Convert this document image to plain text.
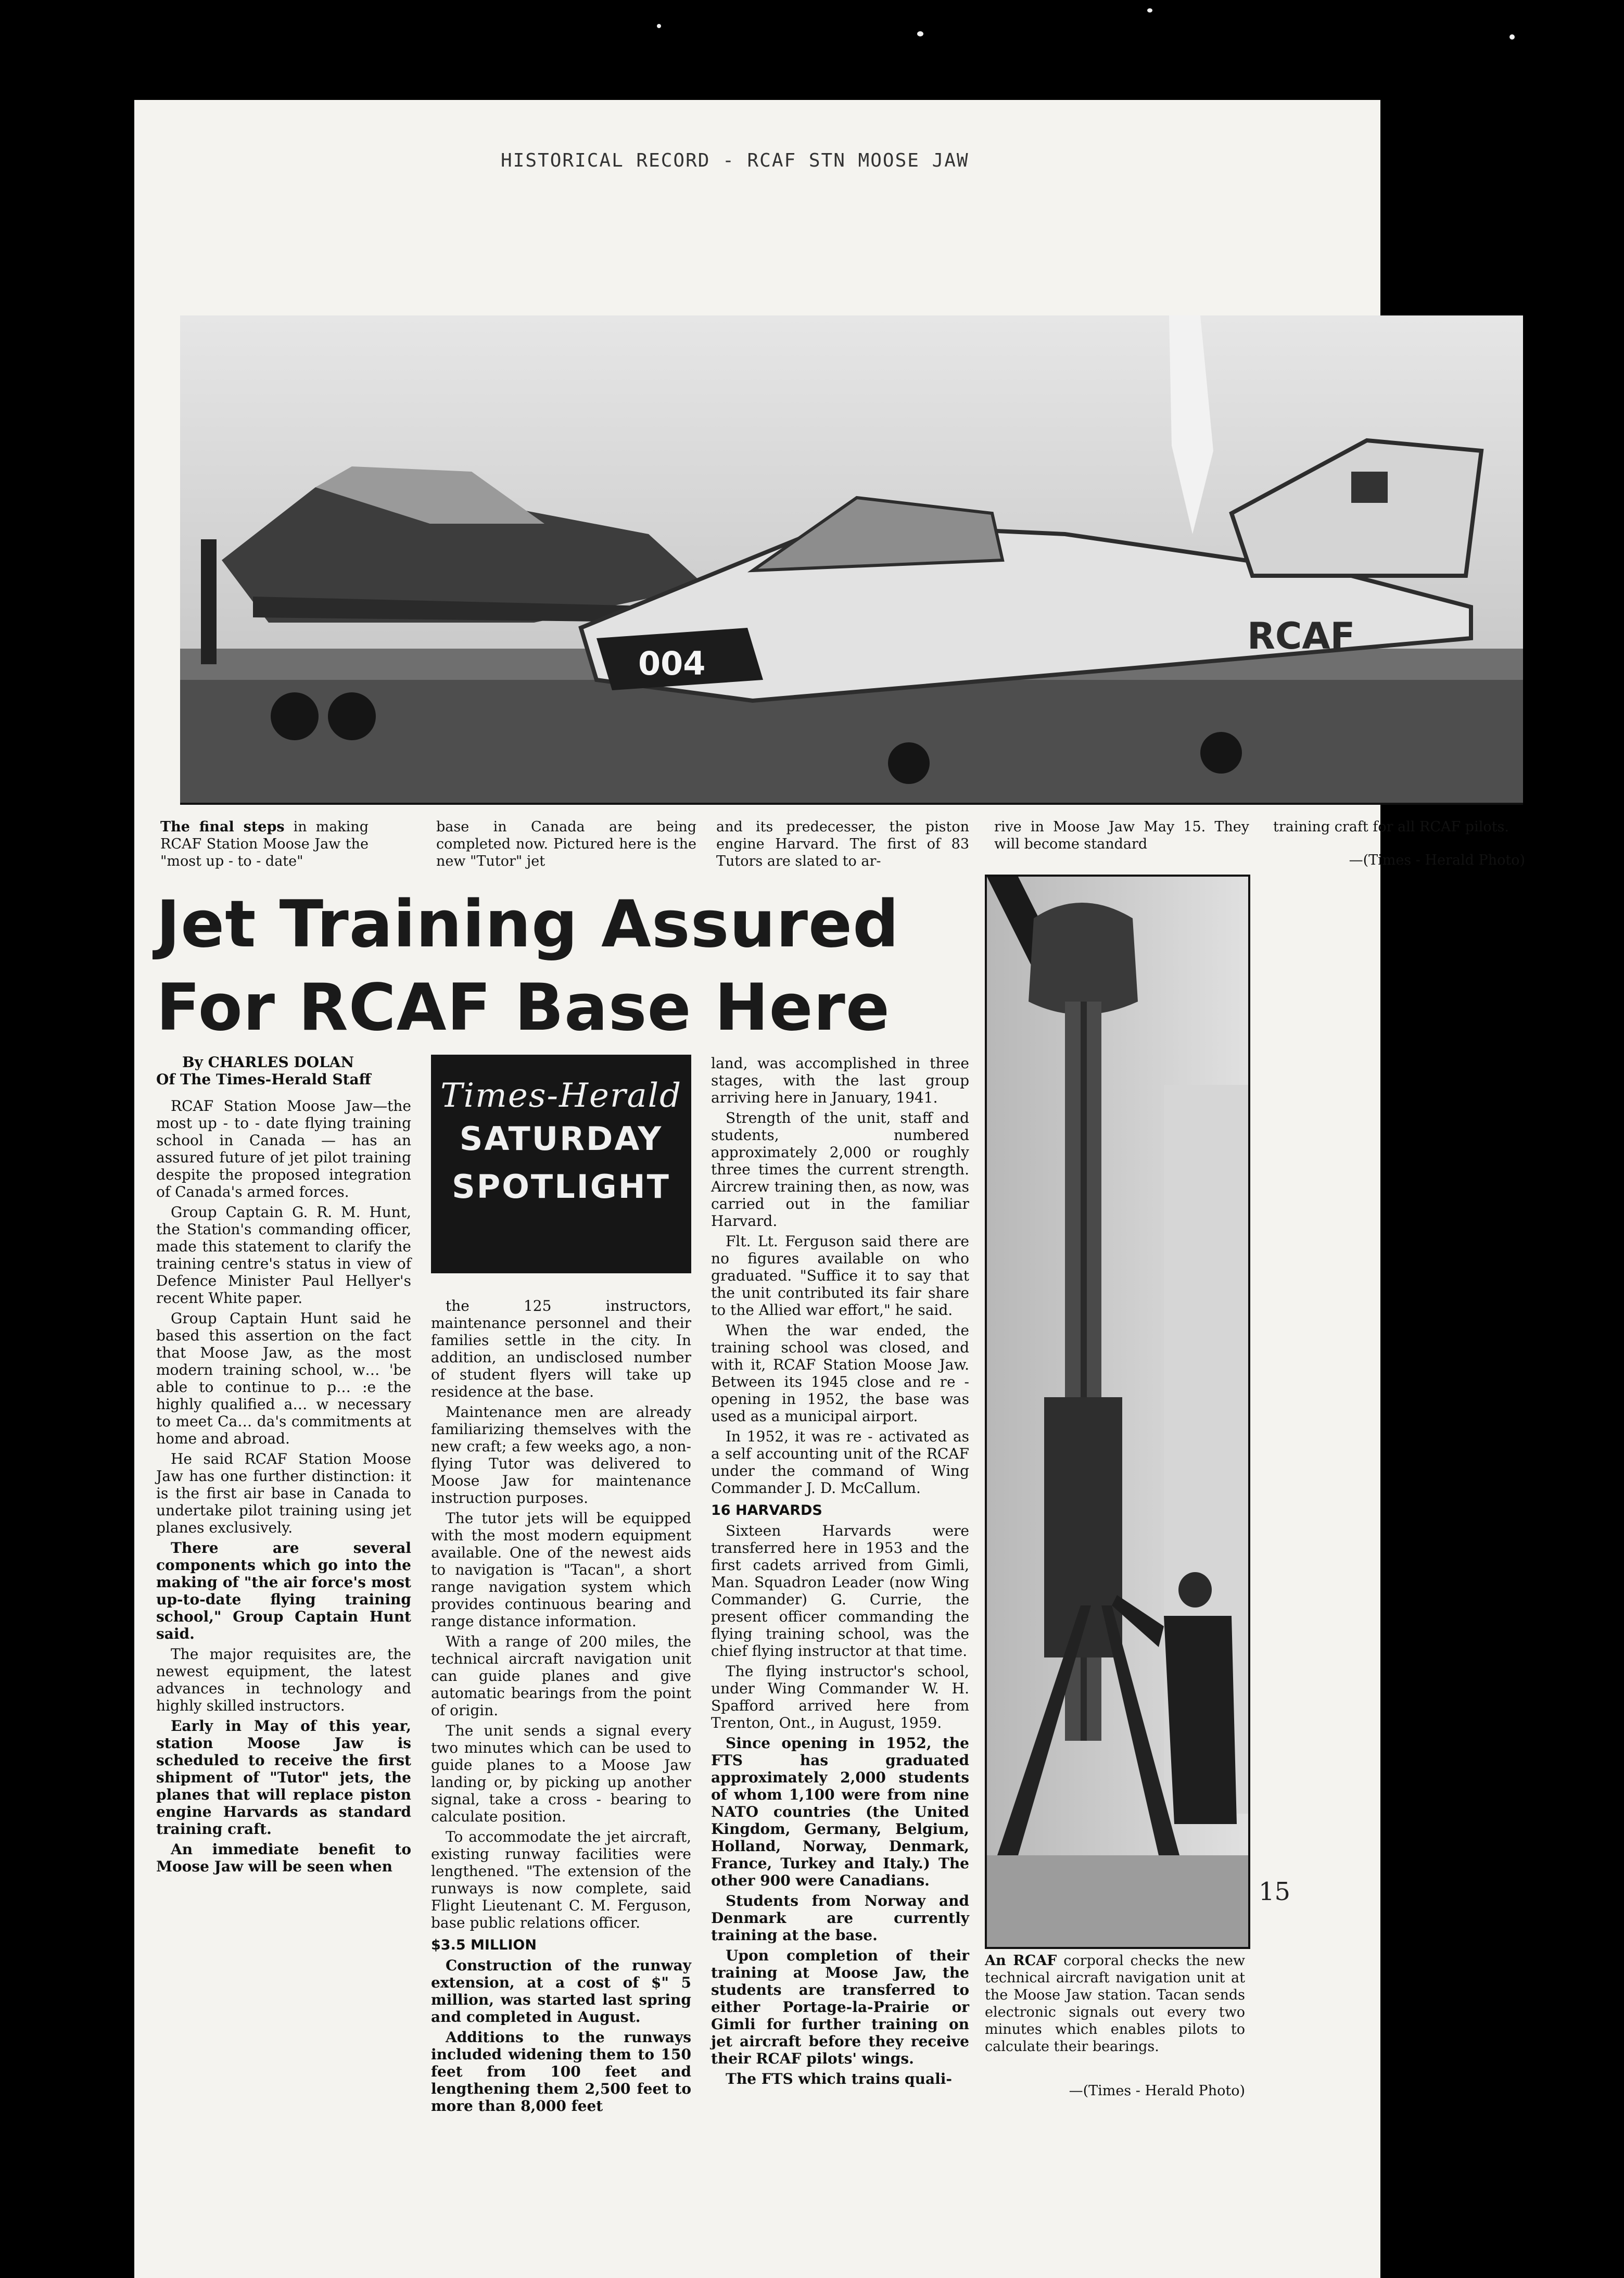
HISTORICAL RECORD - RCAF STN MOOSE JAW
004
RCAF
The final steps in making RCAF Station Moose Jaw the "most up - to - date"
base in Canada are being completed now. Pictured here is the new "Tutor" jet
and its predecesser, the piston engine Harvard. The first of 83 Tutors are slated to ar-
rive in Moose Jaw May 15. They will become standard
training craft for all RCAF pilots.
—(Times - Herald Photo)
Jet Training Assured
For RCAF Base Here

By CHARLES DOLAN

Of The Times-Herald Staff

RCAF Station Moose Jaw—the most up - to - date flying training school in Canada — has an assured future of jet pilot training despite the proposed integration of Canada's armed forces.

Group Captain G. R. M. Hunt, the Station's commanding officer, made this statement to clarify the training centre's status in view of Defence Minister Paul Hellyer's recent White paper.

Group Captain Hunt said he based this assertion on the fact that Moose Jaw, as the most modern training school, w… 'be able to continue to p… :e the highly qualified a… w necessary to meet Ca… da's commitments at home and abroad.

He said RCAF Station Moose Jaw has one further distinction: it is the first air base in Canada to undertake pilot training using jet planes exclusively.

There are several components which go into the making of "the air force's most up-to-date flying training school," Group Captain Hunt said.

The major requisites are, the newest equipment, the latest advances in technology and highly skilled instructors.

Early in May of this year, station Moose Jaw is scheduled to receive the first shipment of "Tutor" jets, the planes that will replace piston engine Harvards as standard training craft.

An immediate benefit to Moose Jaw will be seen when

Times-Herald
SATURDAY
SPOTLIGHT

the 125 instructors, maintenance personnel and their families settle in the city. In addition, an undisclosed number of student flyers will take up residence at the base.

Maintenance men are already familiarizing themselves with the new craft; a few weeks ago, a non-flying Tutor was delivered to Moose Jaw for maintenance instruction purposes.

The tutor jets will be equipped with the most modern equipment available. One of the newest aids to navigation is "Tacan", a short range navigation system which provides continuous bearing and range distance information.

With a range of 200 miles, the technical aircraft navigation unit can guide planes and give automatic bearings from the point of origin.

The unit sends a signal every two minutes which can be used to guide planes to a Moose Jaw landing or, by picking up another signal, take a cross - bearing to calculate position.

To accommodate the jet aircraft, existing runway facilities were lengthened. "The extension of the runways is now complete, said Flight Lieutenant C. M. Ferguson, base public relations officer.

$3.5 MILLION

Construction of the runway extension, at a cost of $" 5 million, was started last spring and completed in August.

Additions to the runways included widening them to 150 feet from 100 feet and lengthening them 2,500 feet to more than 8,000 feet

land, was accomplished in three stages, with the last group arriving here in January, 1941.

Strength of the unit, staff and students, numbered approximately 2,000 or roughly three times the current strength. Aircrew training then, as now, was carried out in the familiar Harvard.

Flt. Lt. Ferguson said there are no figures available on who graduated. "Suffice it to say that the unit contributed its fair share to the Allied war effort," he said.

When the war ended, the training school was closed, and with it, RCAF Station Moose Jaw. Between its 1945 close and re - opening in 1952, the base was used as a municipal airport.

In 1952, it was re - activated as a self accounting unit of the RCAF under the command of Wing Commander J. D. McCallum.

16 HARVARDS

Sixteen Harvards were transferred here in 1953 and the first cadets arrived from Gimli, Man. Squadron Leader (now Wing Commander) G. Currie, the present officer commanding the flying training school, was the chief flying instructor at that time.

The flying instructor's school, under Wing Commander W. H. Spafford arrived here from Trenton, Ont., in August, 1959.

Since opening in 1952, the FTS has graduated approximately 2,000 students of whom 1,100 were from nine NATO countries (the United Kingdom, Germany, Belgium, Holland, Norway, Denmark, France, Turkey and Italy.) The other 900 were Canadians.

Students from Norway and Denmark are currently training at the base.

Upon completion of their training at Moose Jaw, the students are transferred to either Portage-la-Prairie or Gimli for further training on jet aircraft before they receive their RCAF pilots' wings.

The FTS which trains quali-

An RCAF corporal checks the new technical aircraft navigation unit at the Moose Jaw station. Tacan sends electronic signals out every two minutes which enables pilots to calculate their bearings.
—(Times - Herald Photo)
15
